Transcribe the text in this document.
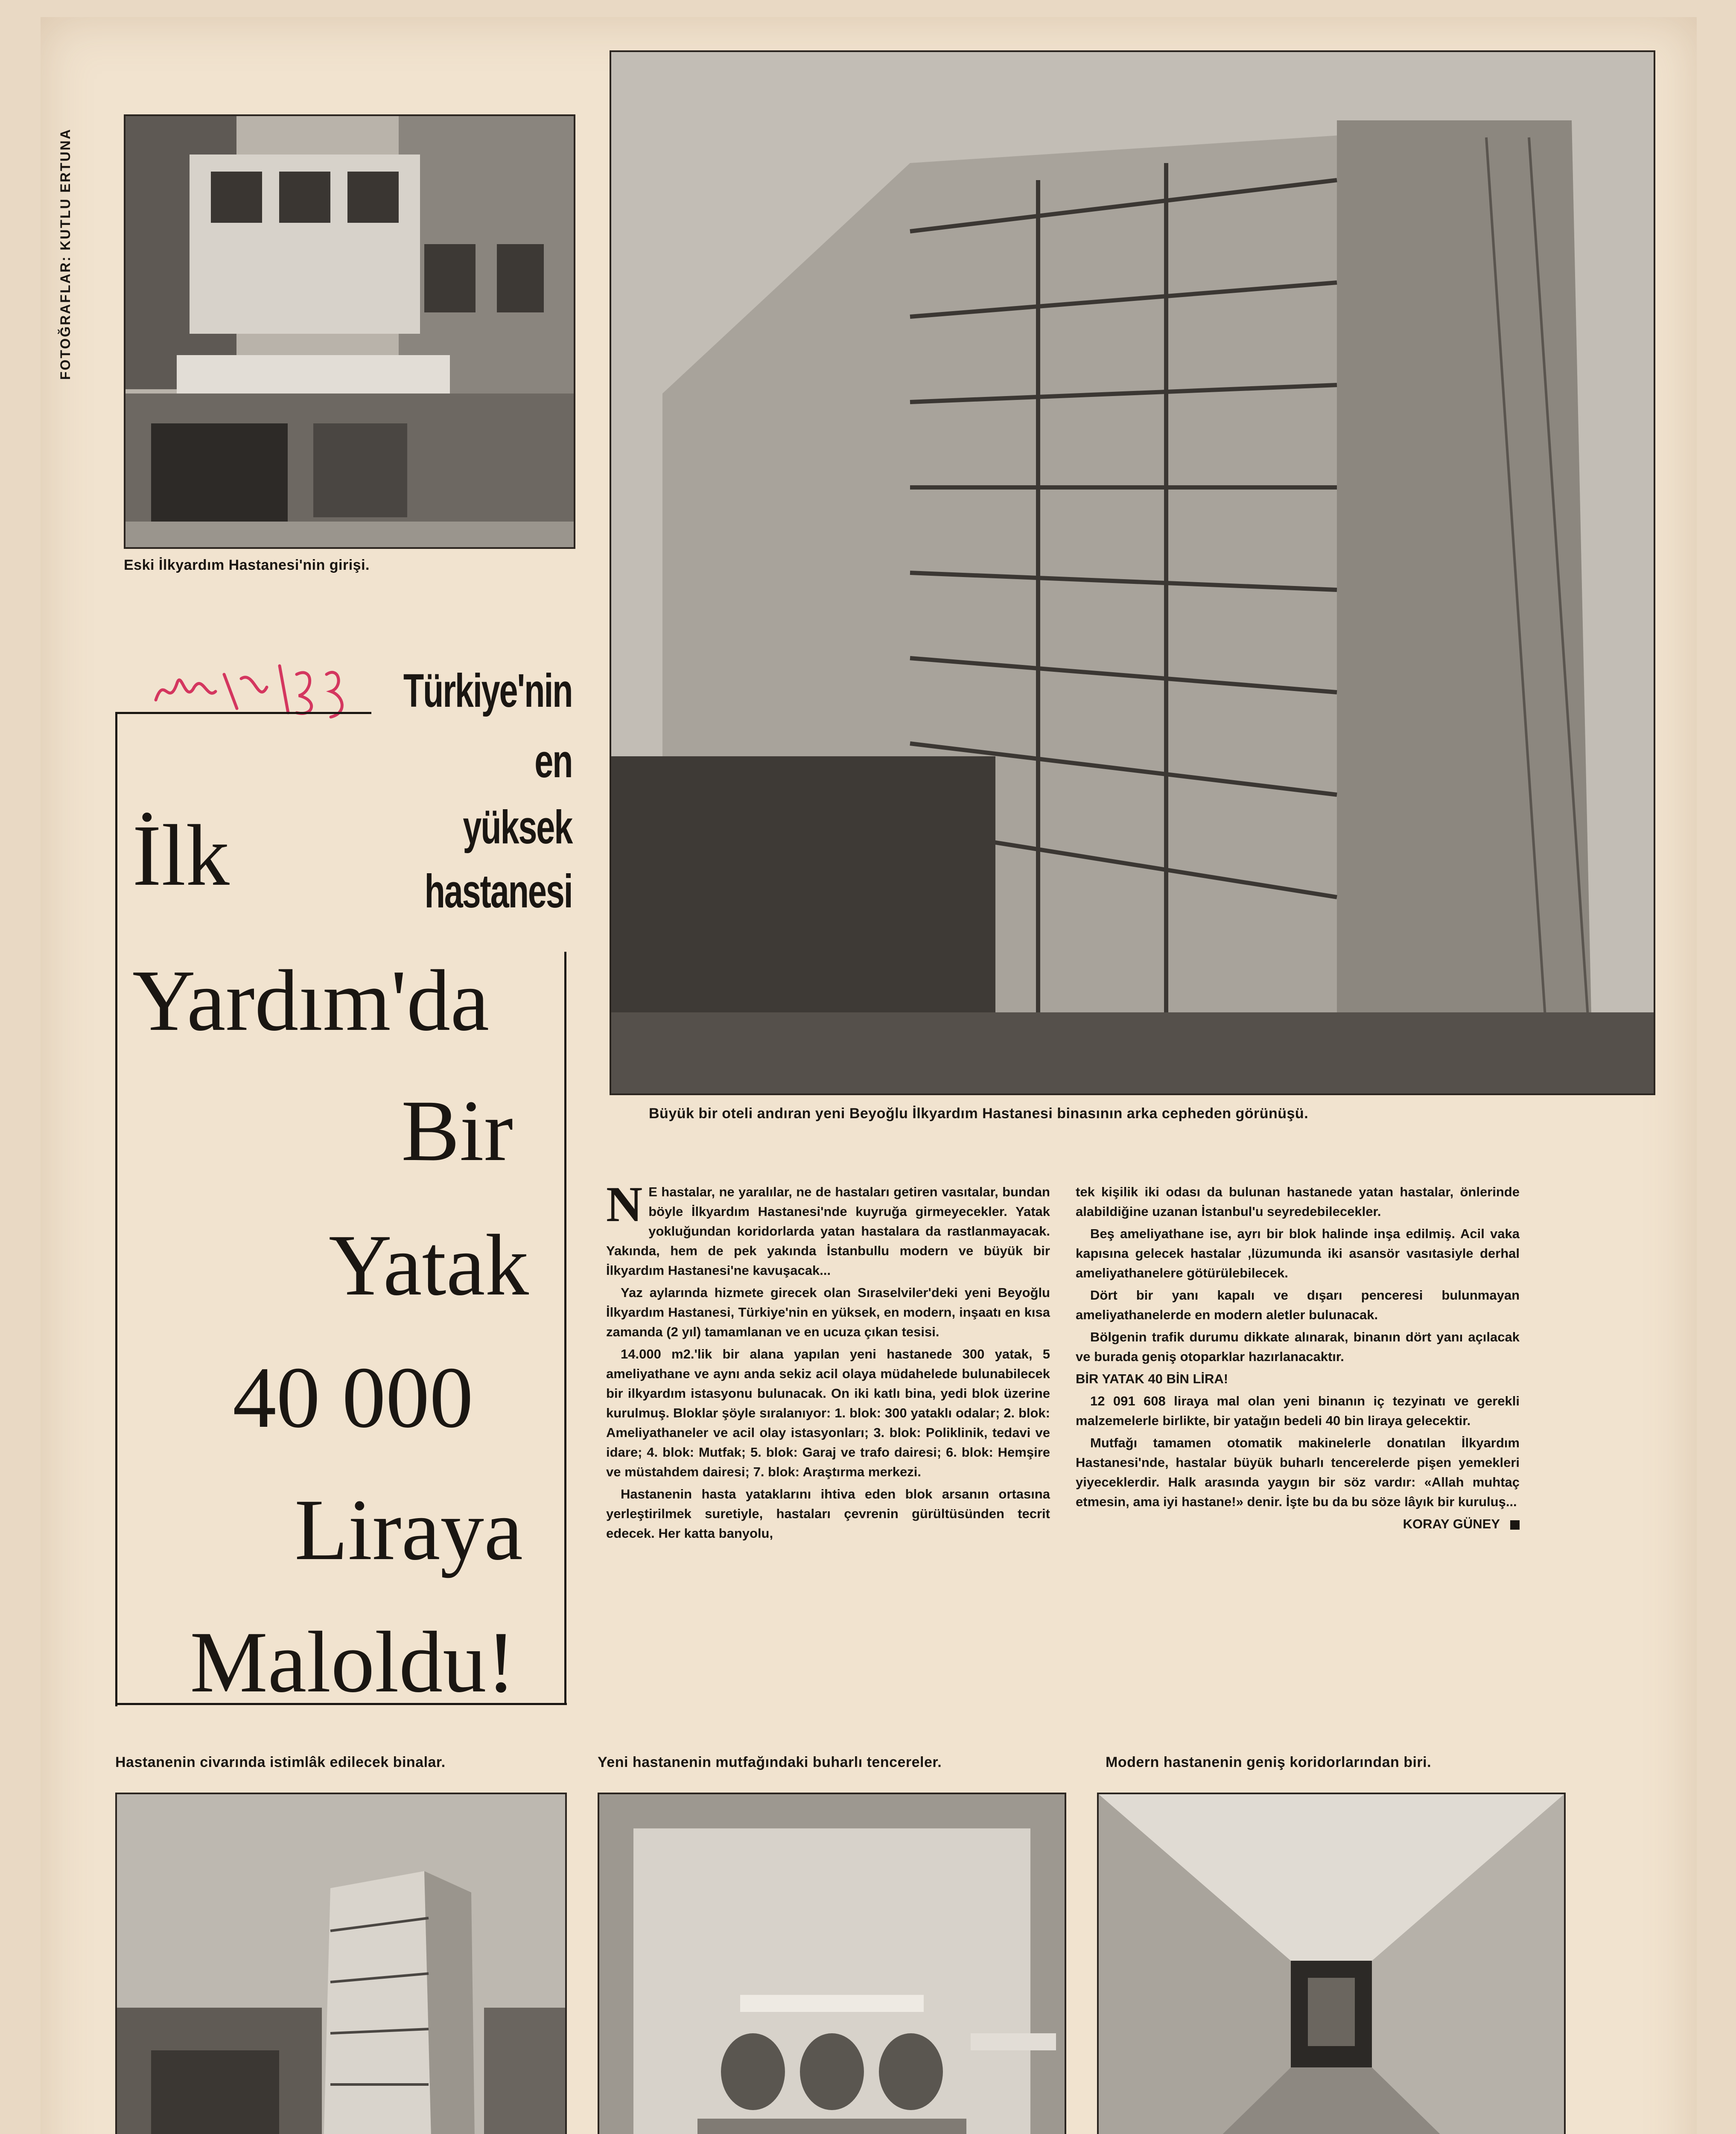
FOTOĞRAFLAR: KUTLU ERTUNA
Eski İlkyardım Hastanesi'nin girişi.
Büyük bir oteli andıran yeni Beyoğlu İlkyardım Hastanesi binasının arka cepheden görünüşü.
Türkiye'nin
en
yüksek
hastanesi
İlk
Yardım'da
Bir
Yatak
40 000
Liraya
Maloldu!

N E hastalar, ne yaralılar, ne de hastaları getiren vasıtalar, bundan böyle İlkyardım Hastanesi'nde kuyruğa girmeyecekler. Yatak yokluğundan koridorlarda yatan hastalara da rastlanmayacak. Yakında, hem de pek yakında İstanbullu modern ve büyük bir İlkyardım Hastanesi'ne kavuşacak...

Yaz aylarında hizmete girecek olan Sıraselviler'deki yeni Beyoğlu İlkyardım Hastanesi, Türkiye'nin en yüksek, en modern, inşaatı en kısa zamanda (2 yıl) tamamlanan ve en ucuza çıkan tesisi.

14.000 m2.'lik bir alana yapılan yeni hastanede 300 yatak, 5 ameliyathane ve aynı anda sekiz acil olaya müdahelede bulunabilecek bir ilkyardım istasyonu bulunacak. On iki katlı bina, yedi blok üzerine kurulmuş. Bloklar şöyle sıralanıyor: 1. blok: 300 yataklı odalar; 2. blok: Ameliyathaneler ve acil olay istasyonları; 3. blok: Poliklinik, tedavi ve idare; 4. blok: Mutfak; 5. blok: Garaj ve trafo dairesi; 6. blok: Hemşire ve müstahdem dairesi; 7. blok: Araştırma merkezi.

Hastanenin hasta yataklarını ihtiva eden blok arsanın ortasına yerleştirilmek suretiyle, hastaları çevrenin gürültüsünden tecrit edecek. Her katta banyolu,

tek kişilik iki odası da bulunan hastanede yatan hastalar, önlerinde alabildiğine uzanan İstanbul'u seyredebilecekler.

Beş ameliyathane ise, ayrı bir blok halinde inşa edilmiş. Acil vaka kapısına gelecek hastalar ,lüzumunda iki asansör vasıtasiyle derhal ameliyathanelere götürülebilecek.

Dört bir yanı kapalı ve dışarı penceresi bulunmayan ameliyathanelerde en modern aletler bulunacak.

Bölgenin trafik durumu dikkate alınarak, binanın dört yanı açılacak ve burada geniş otoparklar hazırlanacaktır.

BİR YATAK 40 BİN LİRA!

12 091 608 liraya mal olan yeni binanın iç tezyinatı ve gerekli malzemelerle birlikte, bir yatağın bedeli 40 bin liraya gelecektir.

Mutfağı tamamen otomatik makinelerle donatılan İlkyardım Hastanesi'nde, hastalar büyük buharlı tencerelerde pişen yemekleri yiyeceklerdir. Halk arasında yaygın bir söz vardır: «Allah muhtaç etmesin, ama iyi hastane!» denir. İşte bu da bu söze lâyık bir kuruluş...

KORAY GÜNEY

Hastanenin civarında istimlâk edilecek binalar.	Yeni hastanenin mutfağındaki buharlı tencereler.	Modern hastanenin geniş koridorlarından biri.
